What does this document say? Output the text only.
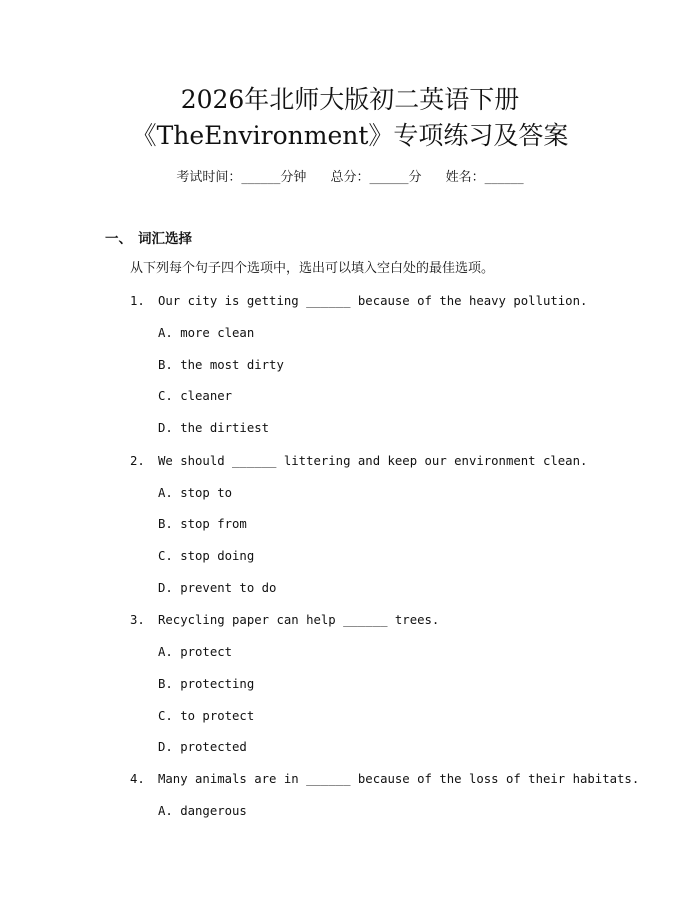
2026年北师大版初二英语下册
《TheEnvironment》专项练习及答案
考试时间：______分钟 总分：______分 姓名：______
一、 词汇选择
从下列每个句子四个选项中，选出可以填入空白处的最佳选项。
1. Our city is getting ______ because of the heavy pollution.
A. more clean
B. the most dirty
C. cleaner
D. the dirtiest
2. We should ______ littering and keep our environment clean.
A. stop to
B. stop from
C. stop doing
D. prevent to do
3. Recycling paper can help ______ trees.
A. protect
B. protecting
C. to protect
D. protected
4. Many animals are in ______ because of the loss of their habitats.
A. dangerous
